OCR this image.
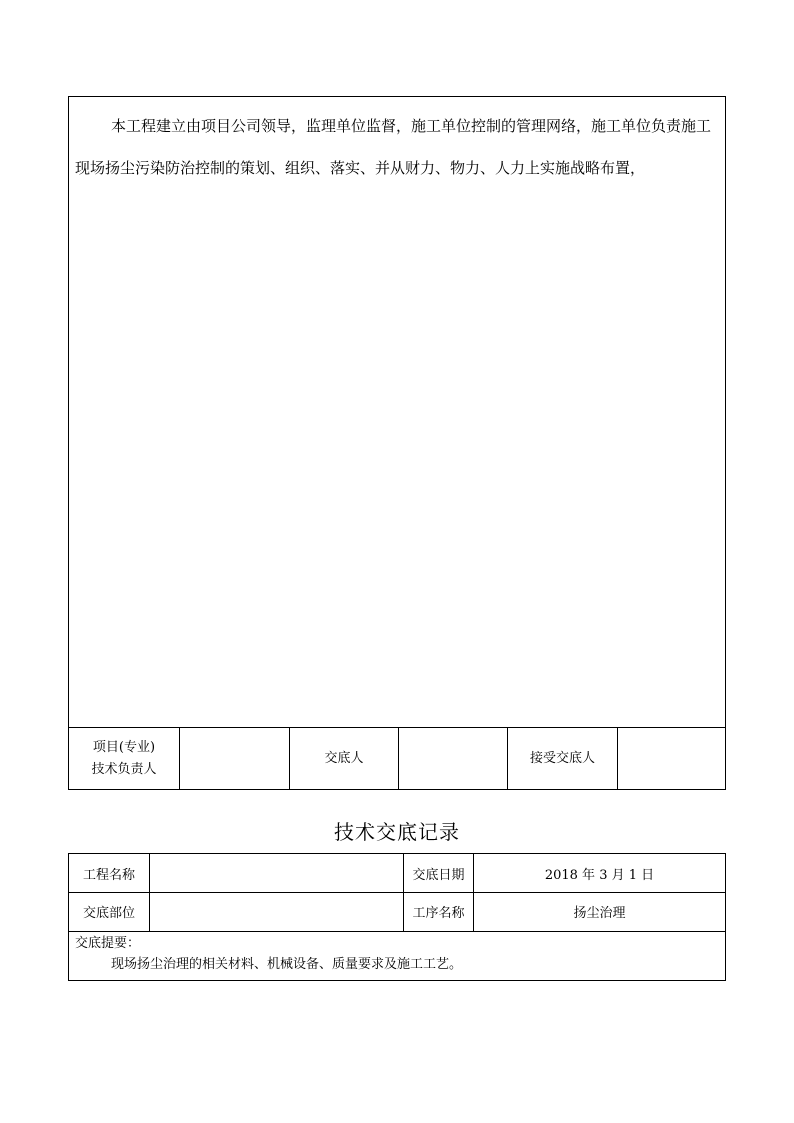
本工程建立由项目公司领导，监理单位监督，施工单位控制的管理网络，施工单位负责施工现场扬尘污染防治控制的策划、组织、落实、并从财力、物力、人力上实施战略布置，

项目(专业)
技术负责人
交底人	接受交底人
技术交底记录
工程名称	交底日期	2018 年 3 月 1 日
交底部位	工序名称	扬尘治理
交底提要：
现场扬尘治理的相关材料、机械设备、质量要求及施工工艺。
